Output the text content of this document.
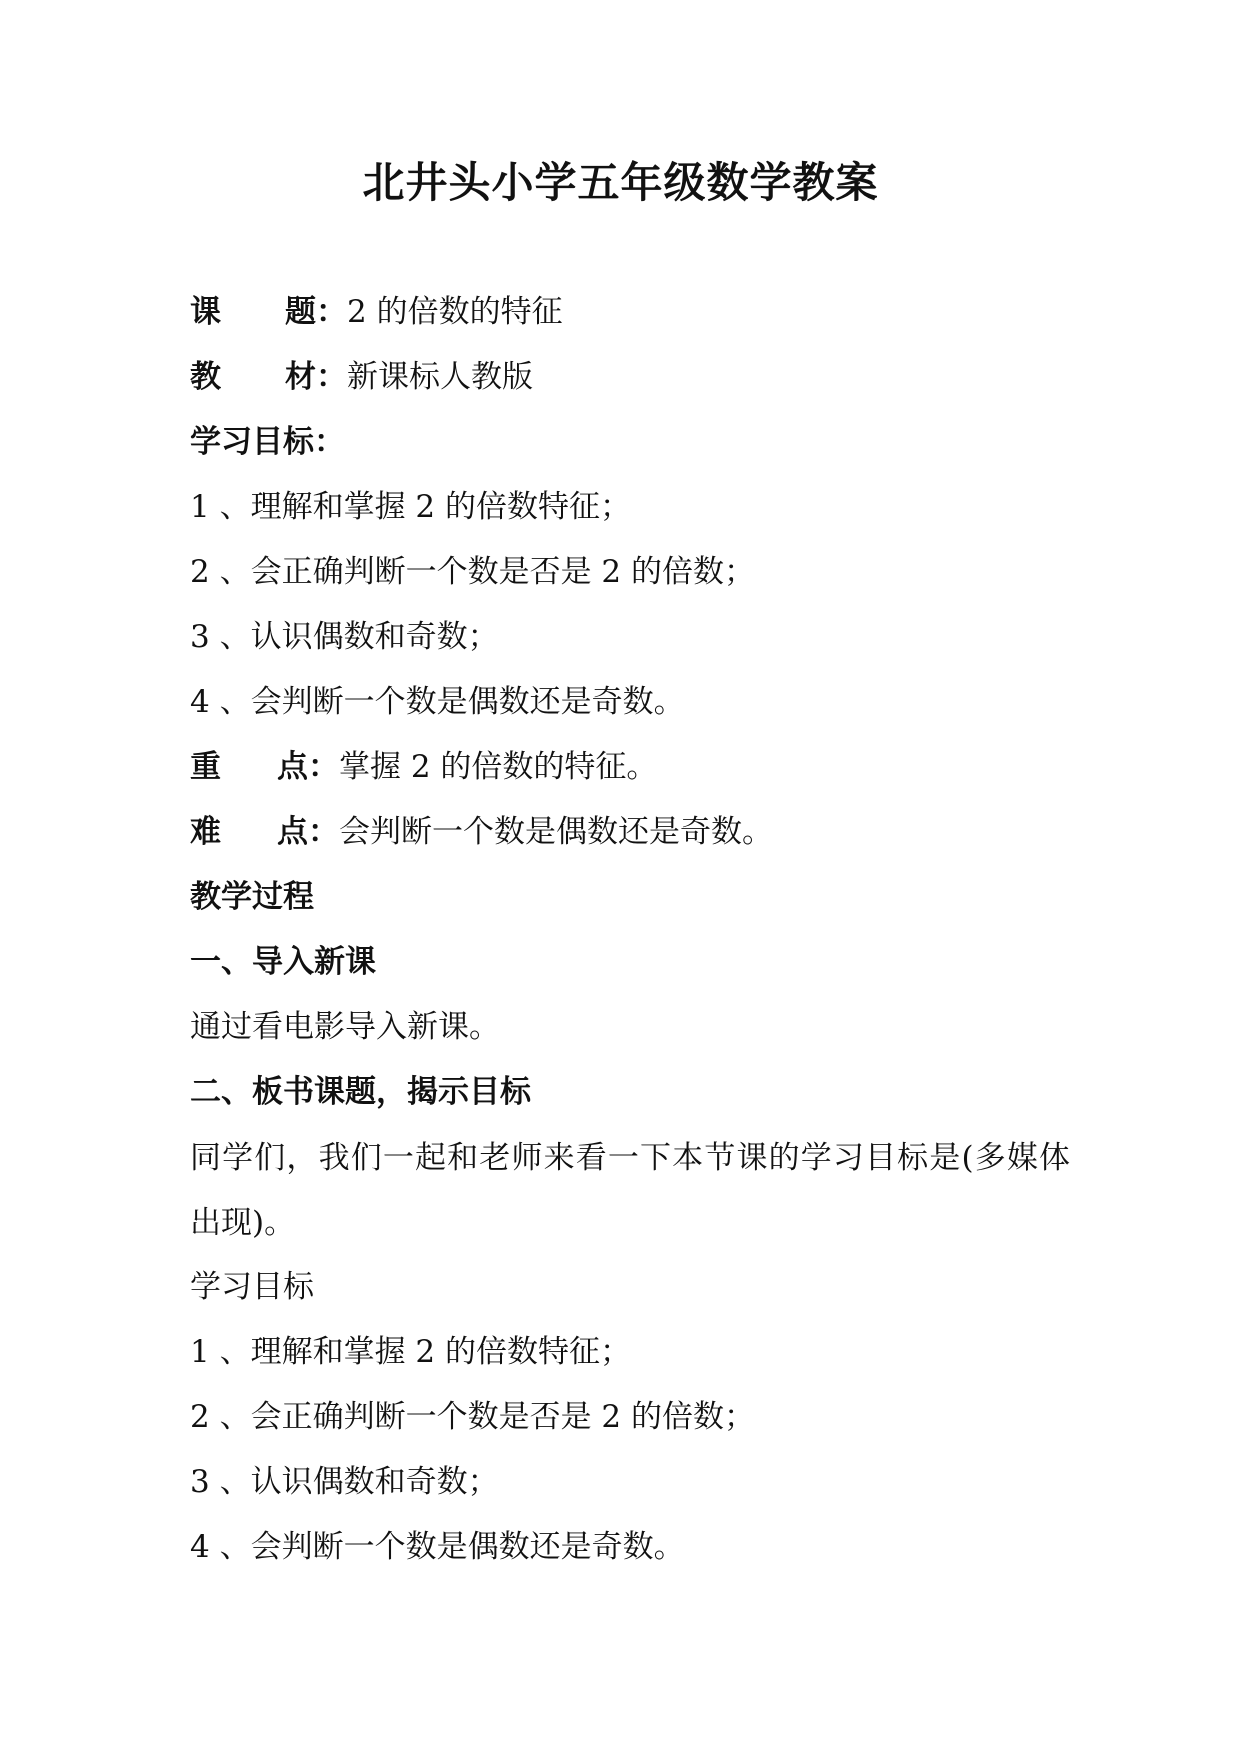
北井头小学五年级数学教案
课 题：2 的倍数的特征
教 材：新课标人教版
学习目标：
1 、理解和掌握 2 的倍数特征；
2 、会正确判断一个数是否是 2 的倍数；
3 、认识偶数和奇数；
4 、会判断一个数是偶数还是奇数。
重 点：掌握 2 的倍数的特征。
难 点：会判断一个数是偶数还是奇数。
教学过程
一、导入新课
通过看电影导入新课。
二、板书课题，揭示目标
同学们，我们一起和老师来看一下本节课的学习目标是(多媒体出现)。
学习目标
1 、理解和掌握 2 的倍数特征；
2 、会正确判断一个数是否是 2 的倍数；
3 、认识偶数和奇数；
4 、会判断一个数是偶数还是奇数。
